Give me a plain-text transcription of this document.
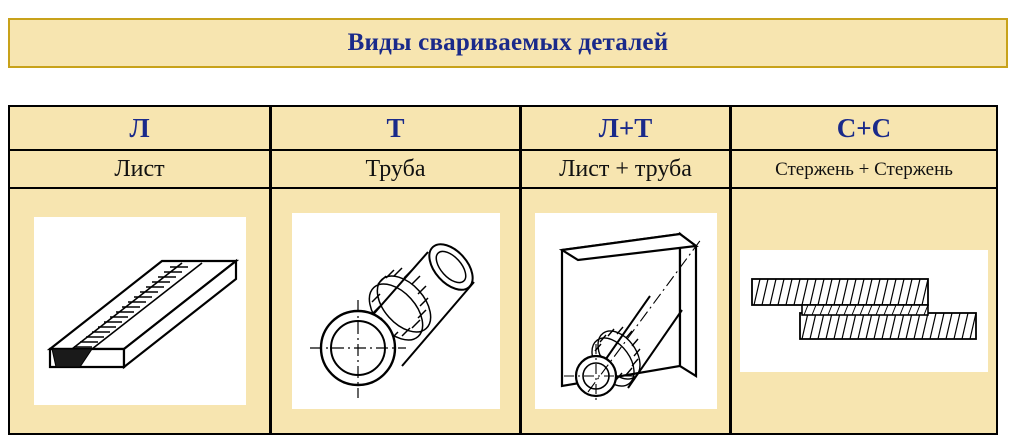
Виды свариваемых деталей
Л
Лист
Т
Труба
Л+Т
Лист + труба
С+С
Стержень + Стержень
